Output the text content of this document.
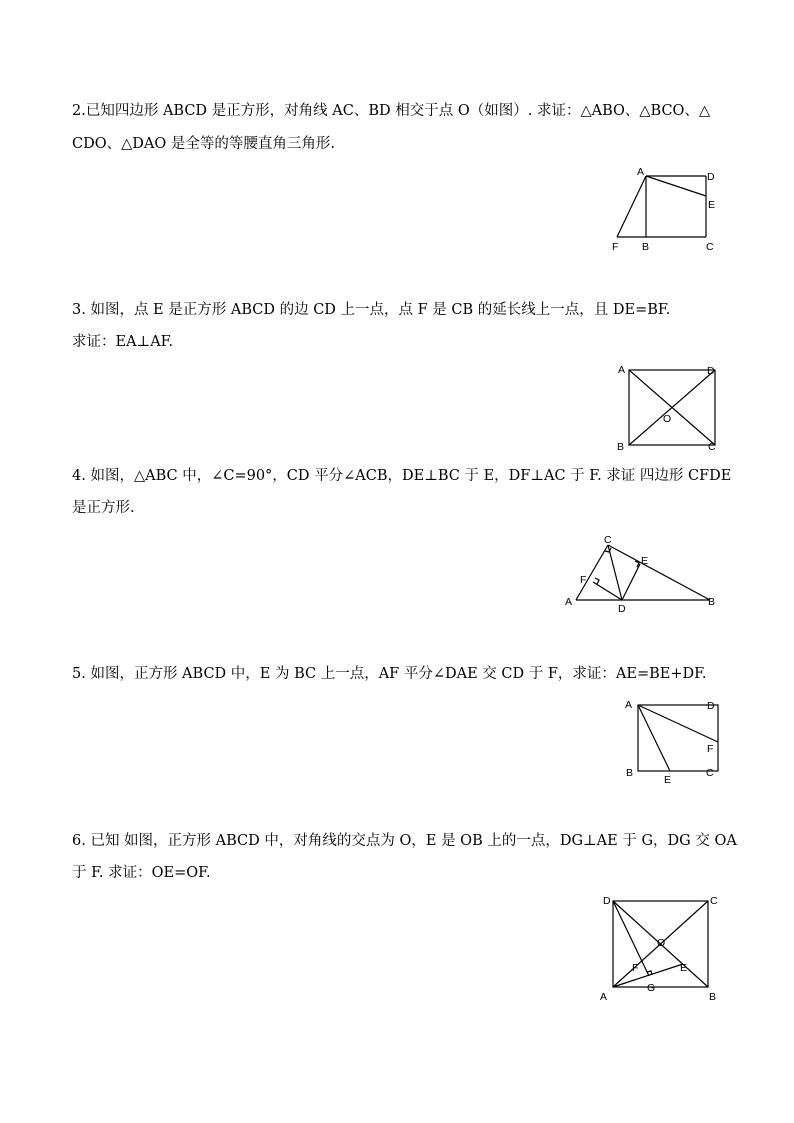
2.已知四边形 ABCD 是正方形，对角线 AC、BD 相交于点 O（如图）. 求证：△ABO、△BCO、△
CDO、△DAO 是全等的等腰直角三角形.
A	D
E
F B	C
3. 如图，点 E 是正方形 ABCD 的边 CD 上一点，点 F 是 CB 的延长线上一点，且 DE=BF.
求证：EA⊥AF.
A	D
O
B	C
4. 如图，△ABC 中，∠C=90°，CD 平分∠ACB，DE⊥BC 于 E，DF⊥AC 于 F. 求证 四边形 CFDE
是正方形.
C
E
F
A
D
B
5. 如图，正方形 ABCD 中，E 为 BC 上一点，AF 平分∠DAE 交 CD 于 F，求证：AE=BE+DF.
A	D
F
B
E
C
6. 已知 如图，正方形 ABCD 中，对角线的交点为 O，E 是 OB 上的一点，DG⊥AE 于 G，DG 交 OA
于 F. 求证：OE=OF.
D	C
O
F	E
G
A	B
